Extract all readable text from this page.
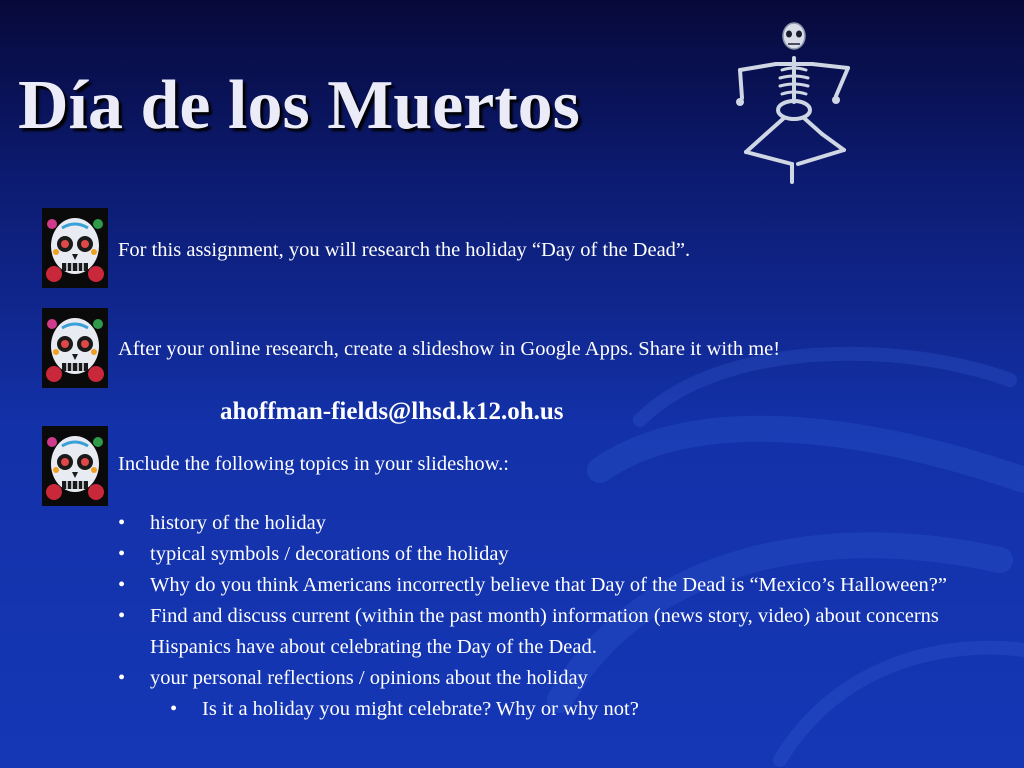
Día de los Muertos

For this assignment, you will research the holiday “Day of the Dead”.

After your online research, create a slideshow in Google Apps. Share it with me!

ahoffman-fields@lhsd.k12.oh.us

Include the following topics in your slideshow.:

• history of the holiday
• typical symbols / decorations of the holiday
• Why do you think Americans incorrectly believe that Day of the Dead is “Mexico’s Halloween?”
• Find and discuss current (within the past month) information (news story, video) about concerns Hispanics have about celebrating the Day of the Dead.
• your personal reflections / opinions about the holiday
• Is it a holiday you might celebrate? Why or why not?
